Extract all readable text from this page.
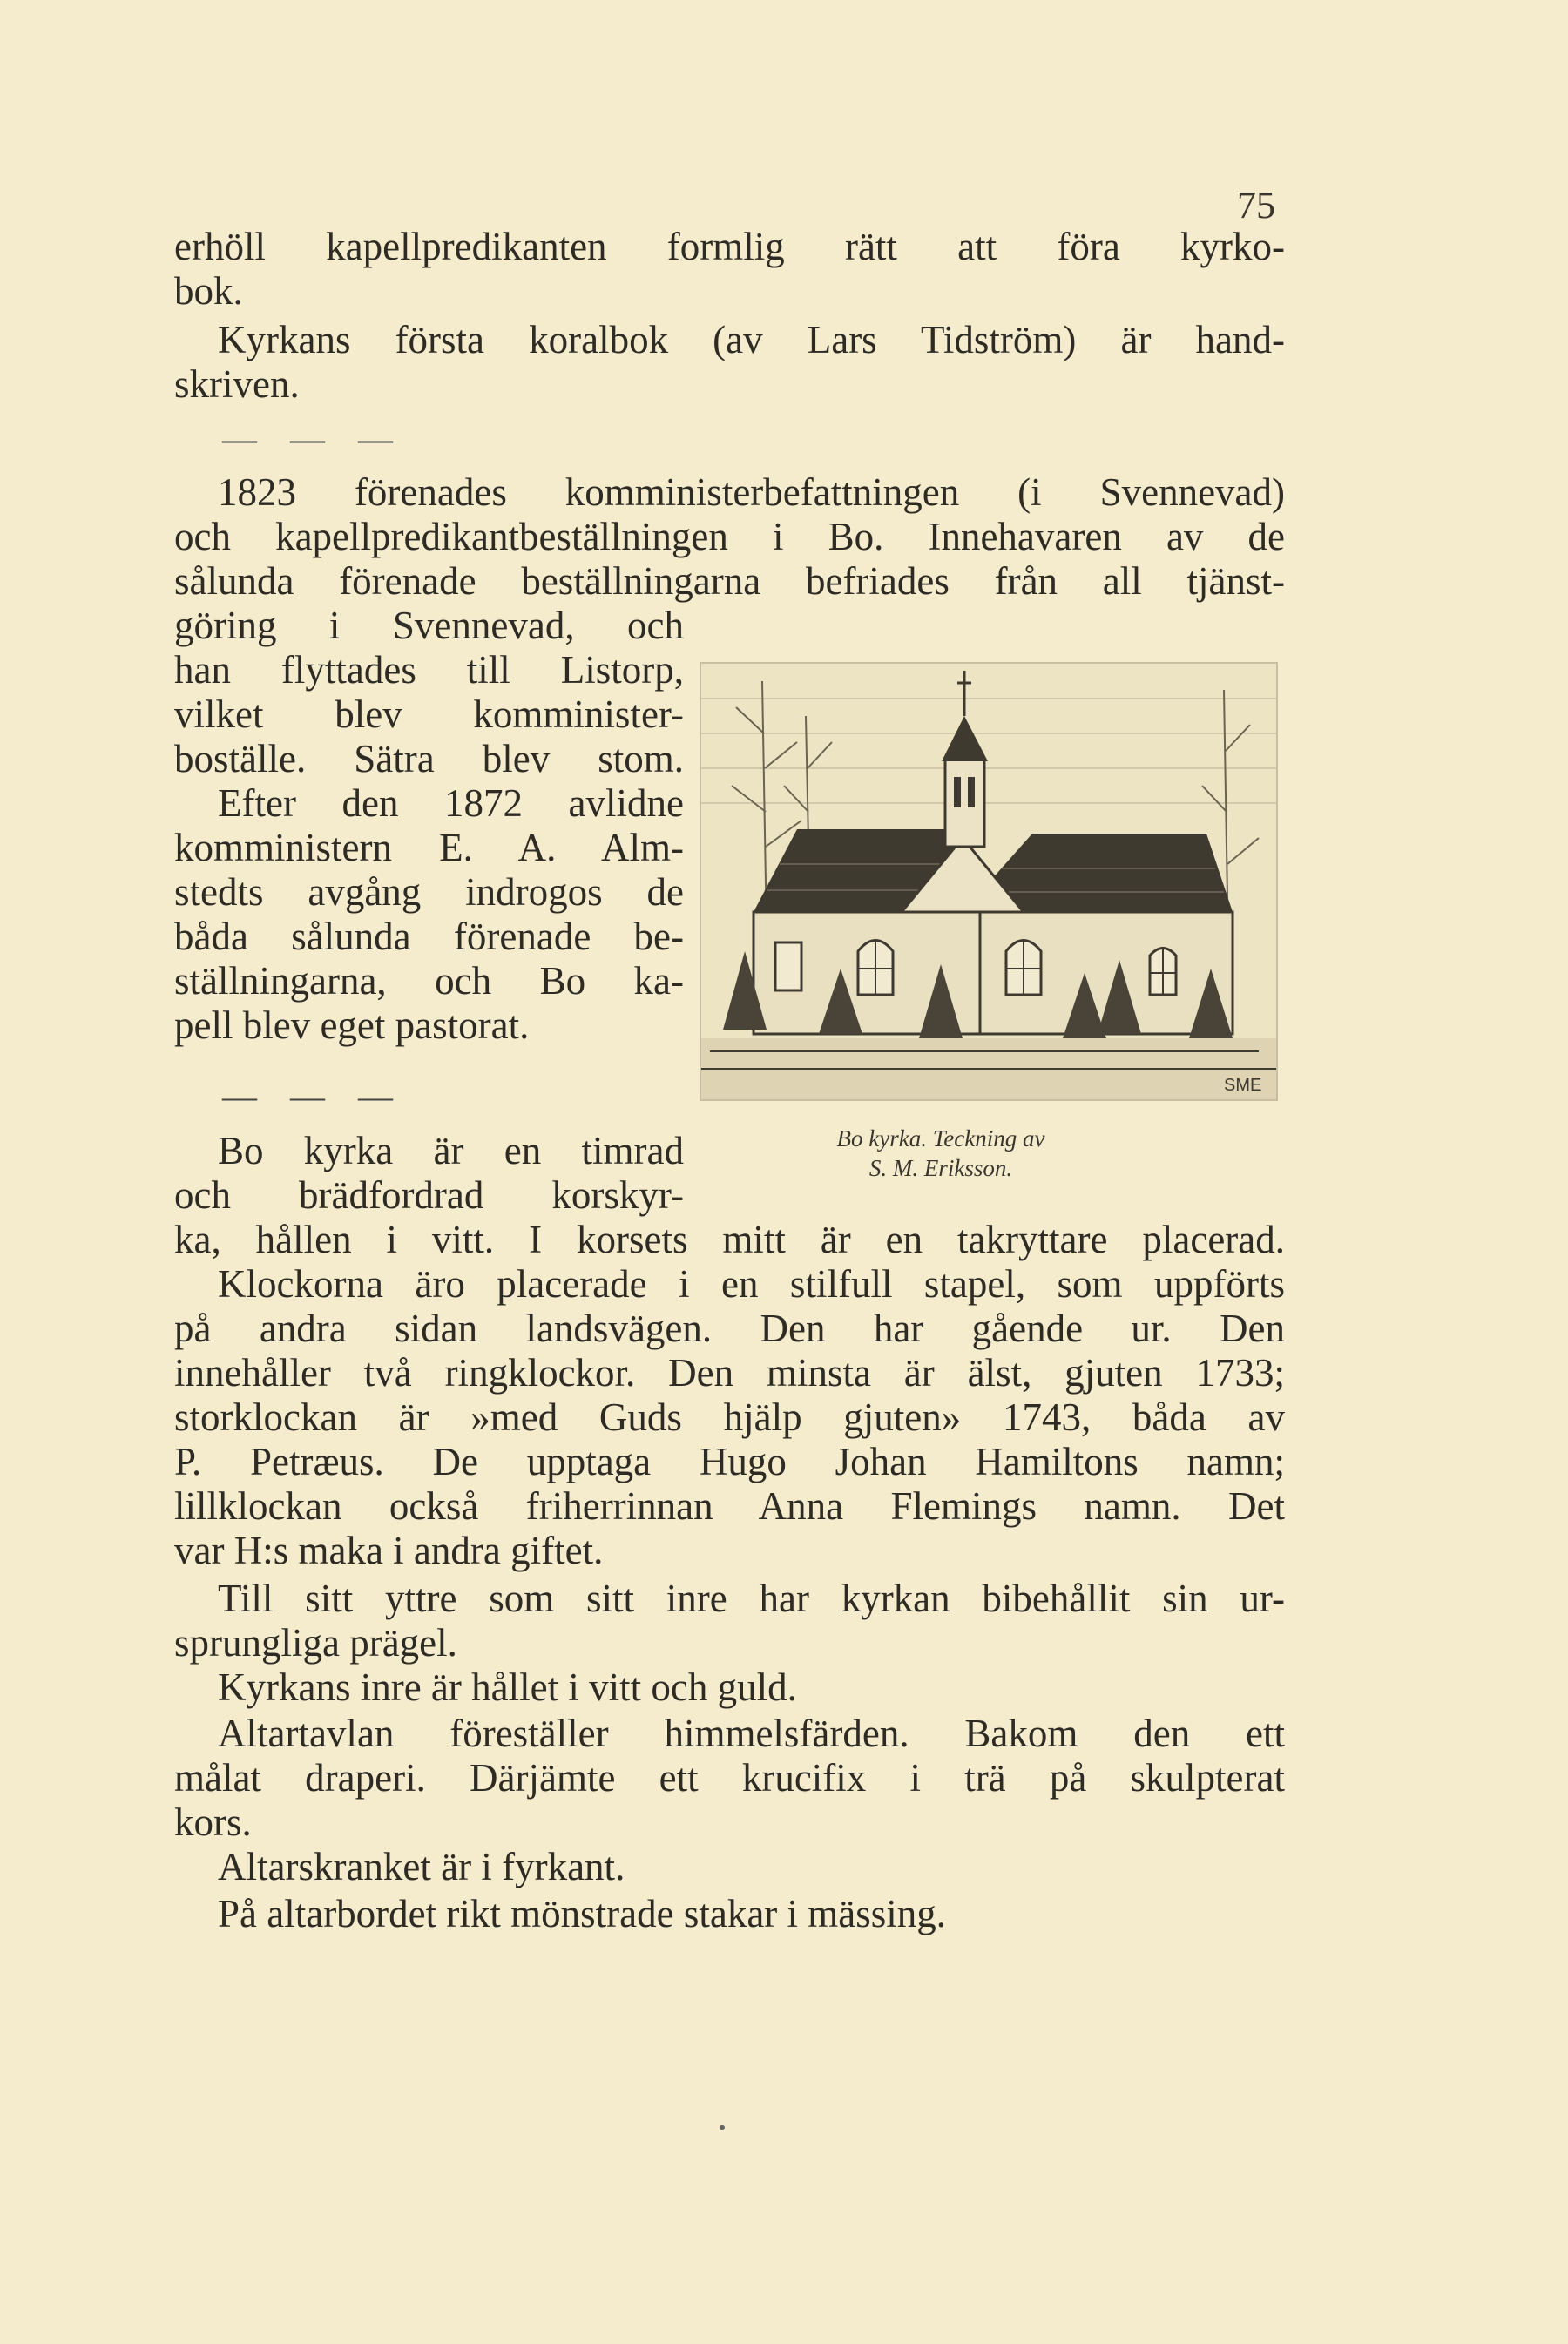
75

erhöll kapellpredikanten formlig rätt att föra kyrko-

bok.

Kyrkans första koralbok (av Lars Tidström) är hand-

skriven.

— — —

1823 förenades komministerbefattningen (i Svennevad)

och kapellpredikantbeställningen i Bo. Innehavaren av de

sålunda förenade beställningarna befriades från all tjänst-

göring i Svennevad, och

han flyttades till Listorp,

vilket blev komminister-

boställe. Sätra blev stom.

Efter den 1872 avlidne

komministern E. A. Alm-

stedts avgång indrogos de

båda sålunda förenade be-

ställningarna, och Bo ka-

pell blev eget pastorat.

— — —	SME
Bo kyrka. Teckning av
S. M. Eriksson.

Bo kyrka är en timrad

och brädfordrad korskyr-

ka, hållen i vitt. I korsets mitt är en takryttare placerad.

Klockorna äro placerade i en stilfull stapel, som uppförts

på andra sidan landsvägen. Den har gående ur. Den

innehåller två ringklockor. Den minsta är älst, gjuten 1733;

storklockan är »med Guds hjälp gjuten» 1743, båda av

P. Petræus. De upptaga Hugo Johan Hamiltons namn;

lillklockan också friherrinnan Anna Flemings namn. Det

var H:s maka i andra giftet.

Till sitt yttre som sitt inre har kyrkan bibehållit sin ur-

sprungliga prägel.

Kyrkans inre är hållet i vitt och guld.

Altartavlan föreställer himmelsfärden. Bakom den ett

målat draperi. Därjämte ett krucifix i trä på skulpterat

kors.

Altarskranket är i fyrkant.

På altarbordet rikt mönstrade stakar i mässing.
